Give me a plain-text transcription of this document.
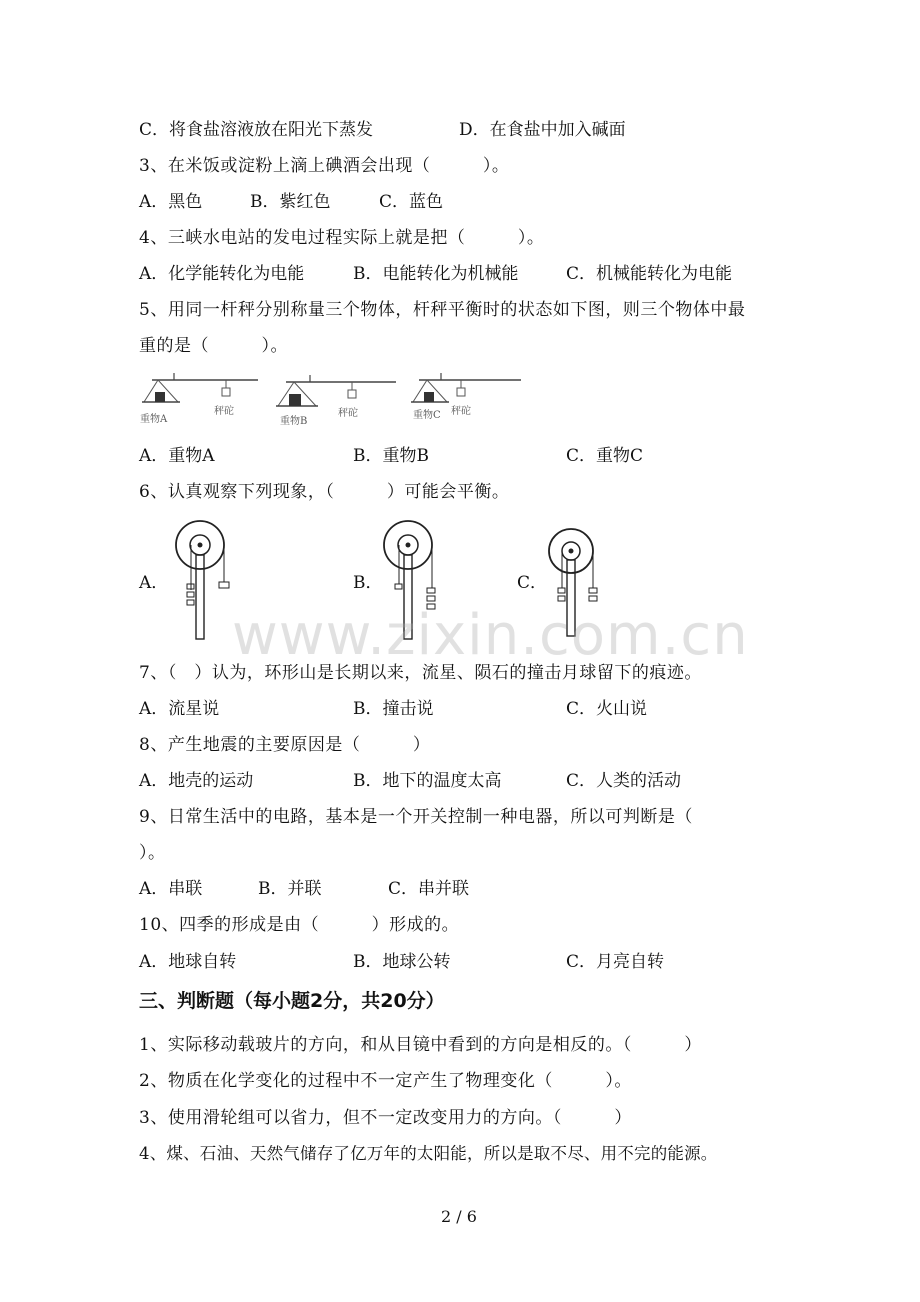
C．将食盐溶液放在阳光下蒸发	D．在食盐中加入碱面
3、在米饭或淀粉上滴上碘酒会出现（　　　）。
A．黑色	B．紫红色	C．蓝色
4、三峡水电站的发电过程实际上就是把（　　　）。
A．化学能转化为电能	B．电能转化为机械能	C．机械能转化为电能
5、用同一杆秤分别称量三个物体，杆秤平衡时的状态如下图，则三个物体中最
重的是（　　　）。
重物A
秤砣
重物B
秤砣	重物C 秤砣
A．重物A	B．重物B	C．重物C
6、认真观察下列现象，（　　　）可能会平衡。
A．	B．	C．
www.zixin.com.cn
7、（　）认为，环形山是长期以来，流星、陨石的撞击月球留下的痕迹。
A．流星说	B．撞击说	C．火山说
8、产生地震的主要原因是（　　　）
A．地壳的运动	B．地下的温度太高	C．人类的活动
9、日常生活中的电路，基本是一个开关控制一种电器，所以可判断是（
）。
A．串联	B．并联	C．串并联
10、四季的形成是由（　　　）形成的。
A．地球自转	B．地球公转	C．月亮自转
三、判断题（每小题2分，共20分）
1、实际移动载玻片的方向，和从目镜中看到的方向是相反的。（　　　）
2、物质在化学变化的过程中不一定产生了物理变化（　　　）。
3、使用滑轮组可以省力，但不一定改变用力的方向。（　　　）
4、煤、石油、天然气储存了亿万年的太阳能，所以是取不尽、用不完的能源。
2 / 6
